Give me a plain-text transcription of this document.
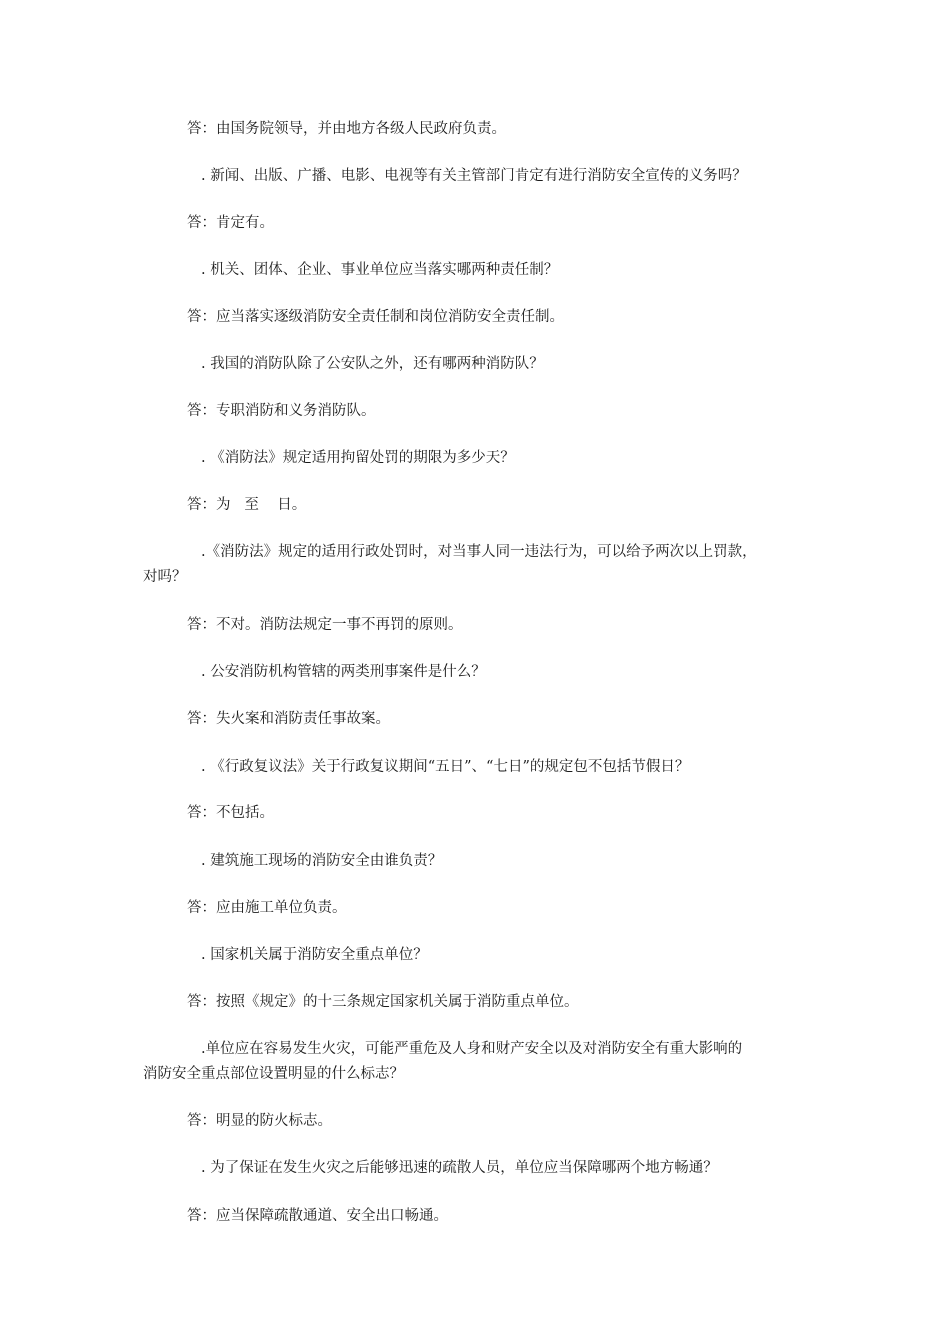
答：由国务院领导，并由地方各级人民政府负责。
. 新闻、出版、广播、电影、电视等有关主管部门肯定有进行消防安全宣传的义务吗？
答：肯定有。
. 机关、团体、企业、事业单位应当落实哪两种责任制？
答：应当落实逐级消防安全责任制和岗位消防安全责任制。
. 我国的消防队除了公安队之外，还有哪两种消防队？
答：专职消防和义务消防队。
. 《消防法》规定适用拘留处罚的期限为多少天？
答：为   至    日。
.《消防法》规定的适用行政处罚时，对当事人同一违法行为，可以给予两次以上罚款，
对吗？
答：不对。消防法规定一事不再罚的原则。
. 公安消防机构管辖的两类刑事案件是什么？
答：失火案和消防责任事故案。
. 《行政复议法》关于行政复议期间“五日”、“七日”的规定包不包括节假日？
答：不包括。
. 建筑施工现场的消防安全由谁负责？
答：应由施工单位负责。
. 国家机关属于消防安全重点单位？
答：按照《规定》的十三条规定国家机关属于消防重点单位。
.单位应在容易发生火灾，可能严重危及人身和财产安全以及对消防安全有重大影响的
消防安全重点部位设置明显的什么标志？
答：明显的防火标志。
. 为了保证在发生火灾之后能够迅速的疏散人员，单位应当保障哪两个地方畅通？
答：应当保障疏散通道、安全出口畅通。
